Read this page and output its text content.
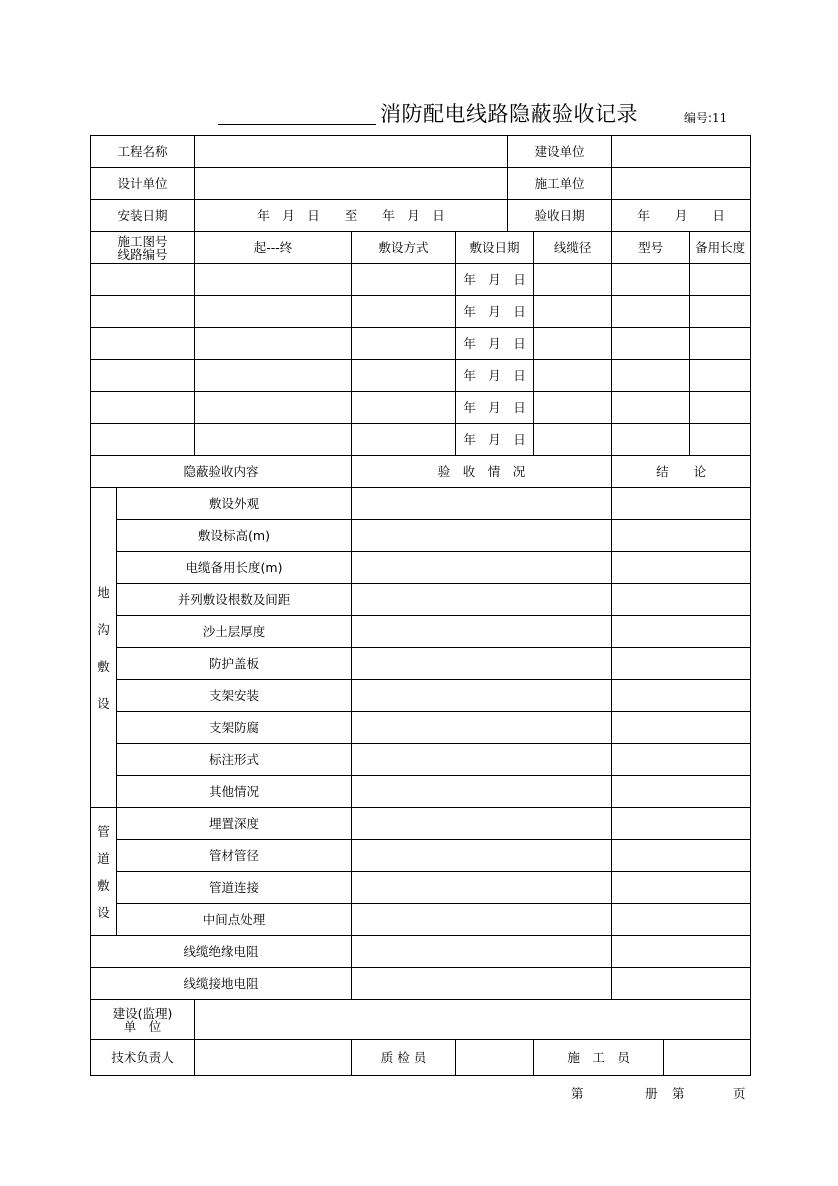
消防配电线路隐蔽验收记录	编号:11
工程名称					建设单位				
设计单位					施工单位				
安装日期		年　月　日　　至　　年　月　日			验收日期		年　　月　　日		

施工图号
线路编号		起---终	敷设方式	敷设日期		线缆径	型号		备用长度
				年　月　日					
				年　月　日					
				年　月　日					
				年　月　日					
				年　月　日					
				年　月　日					
隐蔽验收内容			验　收　情　况				结　　论		

地
沟
敷
设	敷设外观								
	敷设标高(m)								
	电缆备用长度(m)								
	并列敷设根数及间距								
	沙土层厚度								
	防护盖板								
	支架安装								
	支架防腐								
	标注形式								
	其他情况								

管
道
敷
设	埋置深度								
	管材管径								
	管道连接								
	中间点处理								
线缆绝缘电阻									
线缆接地电阻									

建设(监理)
单　位									

技术负责人			质 检 员			施　工　员			
第	册 第	页
